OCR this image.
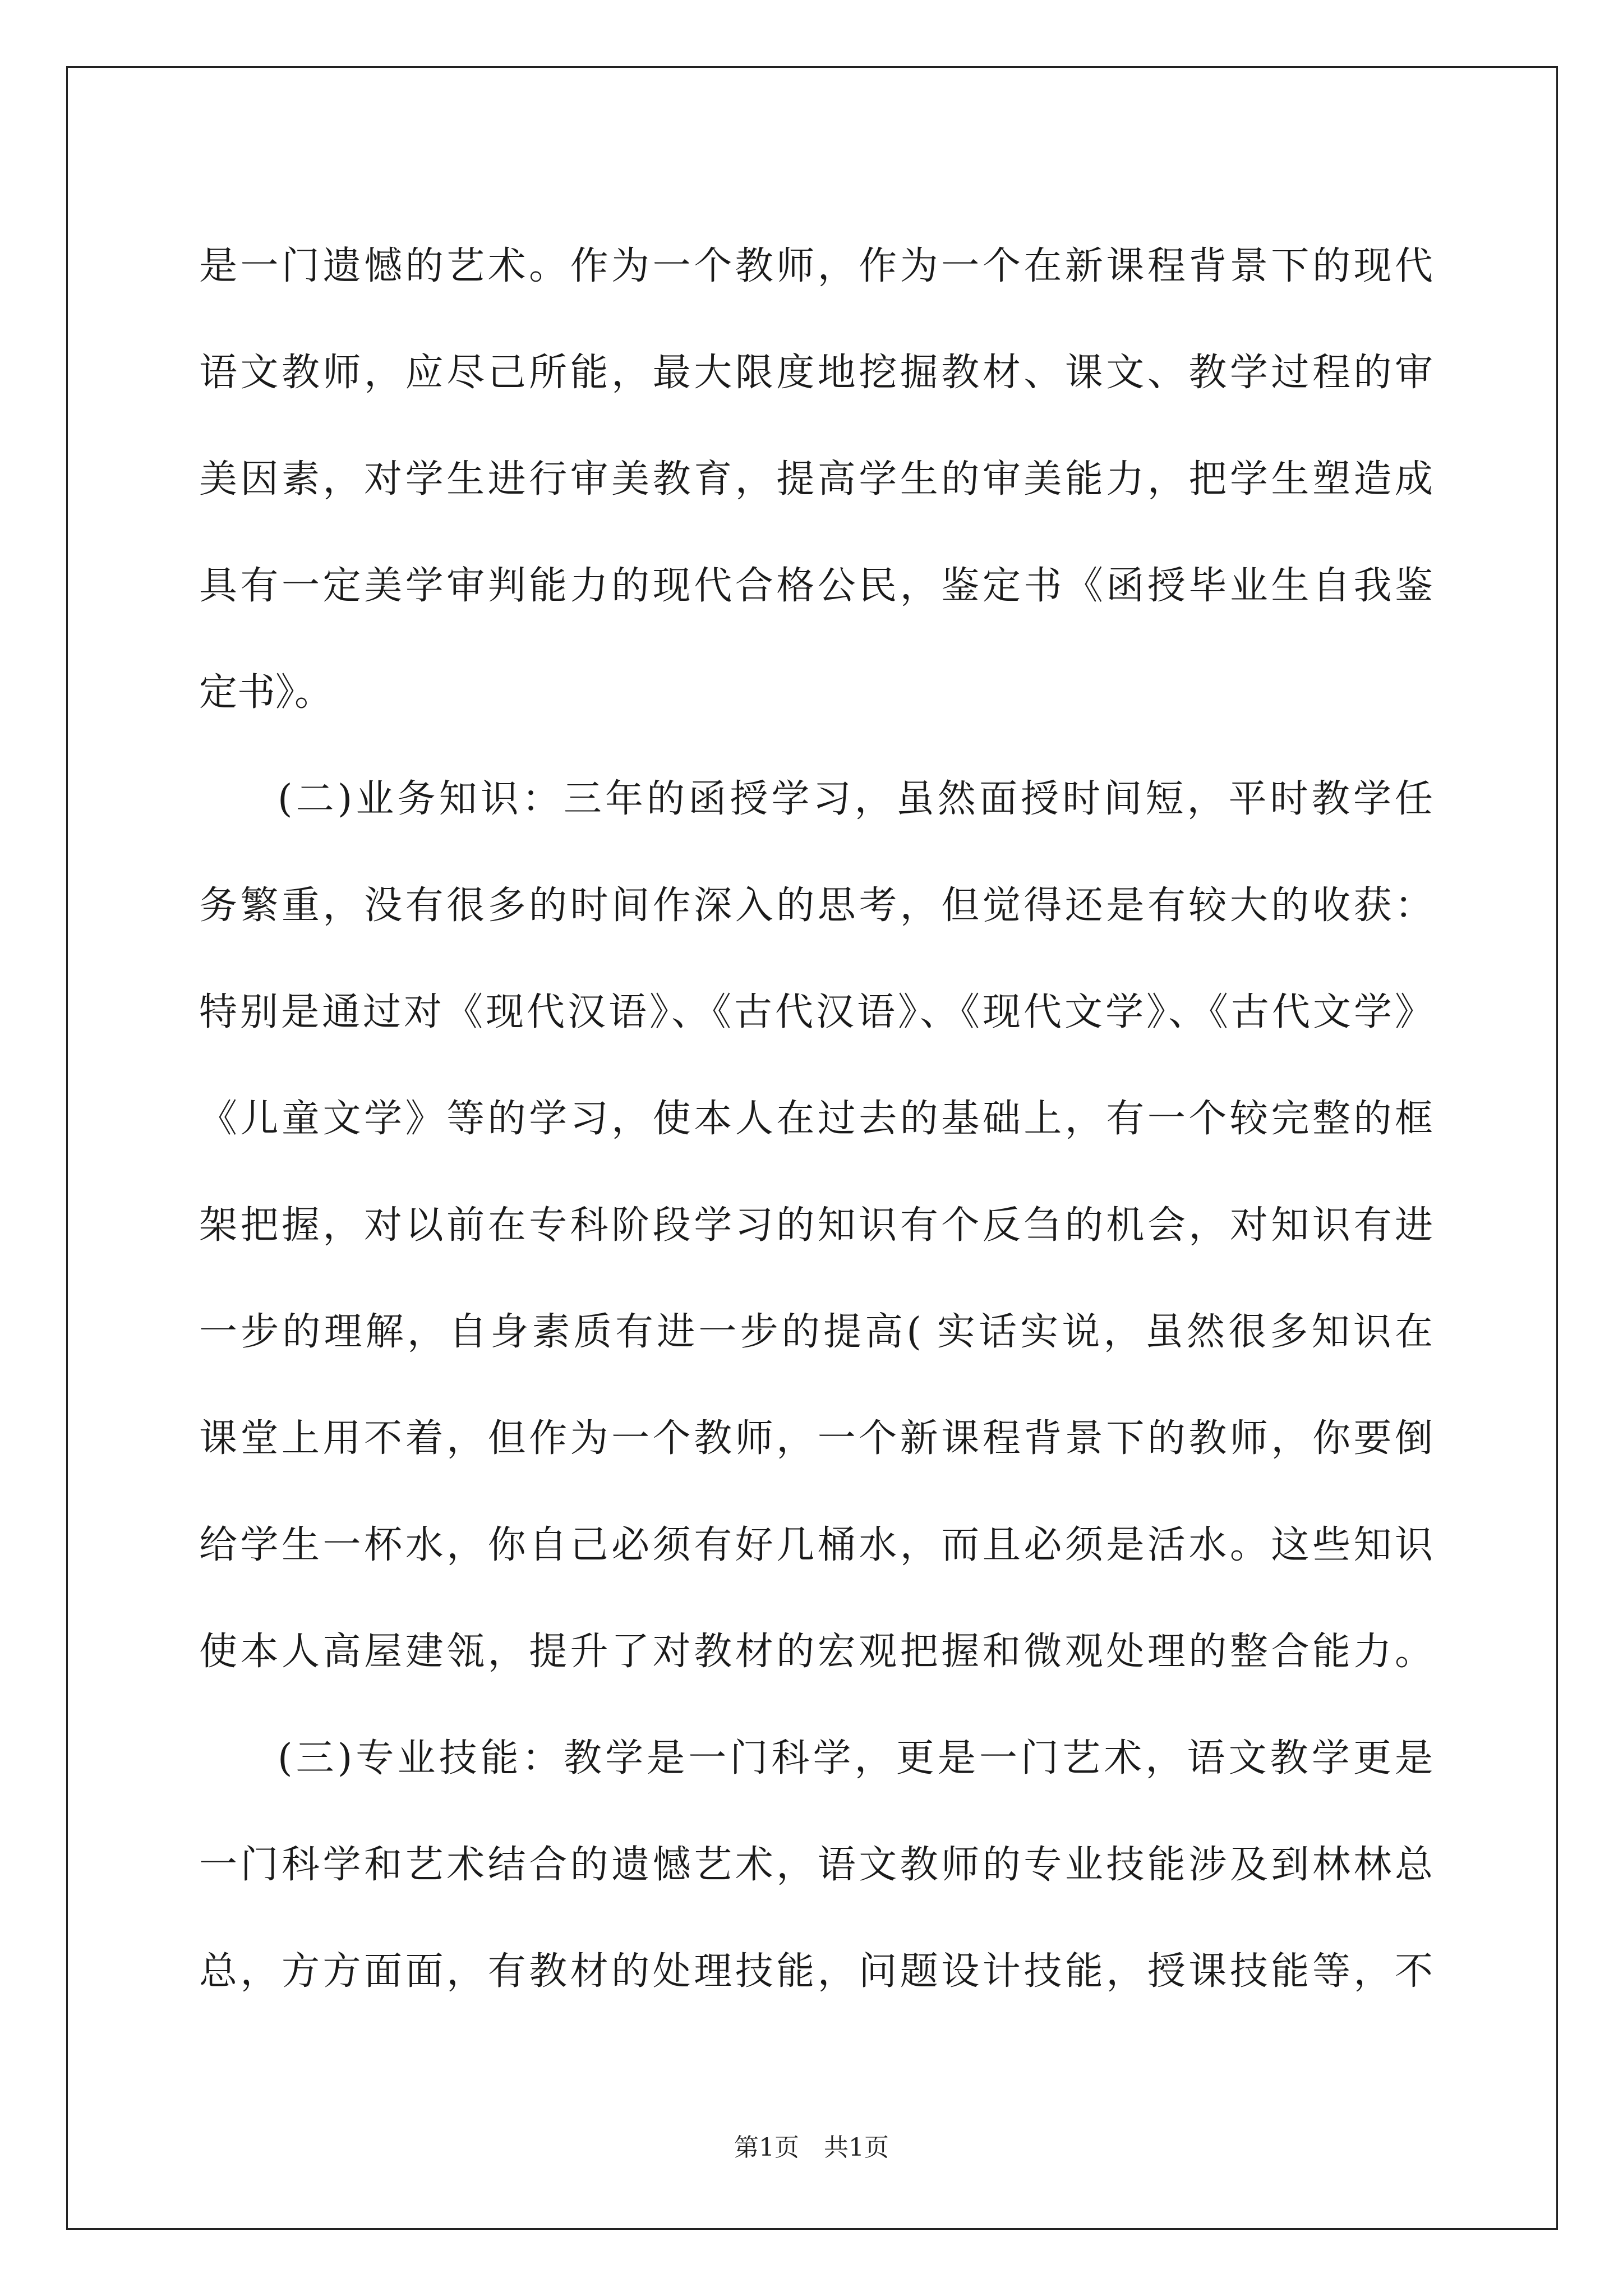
是一门遗憾的艺术。作为一个教师，作为一个在新课程背景下的现代
语文教师，应尽己所能，最大限度地挖掘教材、课文、教学过程的审
美因素，对学生进行审美教育，提高学生的审美能力，把学生塑造成
具有一定美学审判能力的现代合格公民，鉴定书《函授毕业生自我鉴
定书》。
(二)业务知识：三年的函授学习，虽然面授时间短，平时教学任
务繁重，没有很多的时间作深入的思考，但觉得还是有较大的收获：
特别是通过对《现代汉语》、《古代汉语》、《现代文学》、《古代文学》
《儿童文学》等的学习，使本人在过去的基础上，有一个较完整的框
架把握，对以前在专科阶段学习的知识有个反刍的机会，对知识有进
一步的理解，自身素质有进一步的提高( 实话实说，虽然很多知识在
课堂上用不着，但作为一个教师，一个新课程背景下的教师，你要倒
给学生一杯水，你自己必须有好几桶水，而且必须是活水。这些知识
使本人高屋建瓴，提升了对教材的宏观把握和微观处理的整合能力。
(三)专业技能：教学是一门科学，更是一门艺术，语文教学更是
一门科学和艺术结合的遗憾艺术，语文教师的专业技能涉及到林林总
总，方方面面，有教材的处理技能，问题设计技能，授课技能等，不
第1页　共1页
